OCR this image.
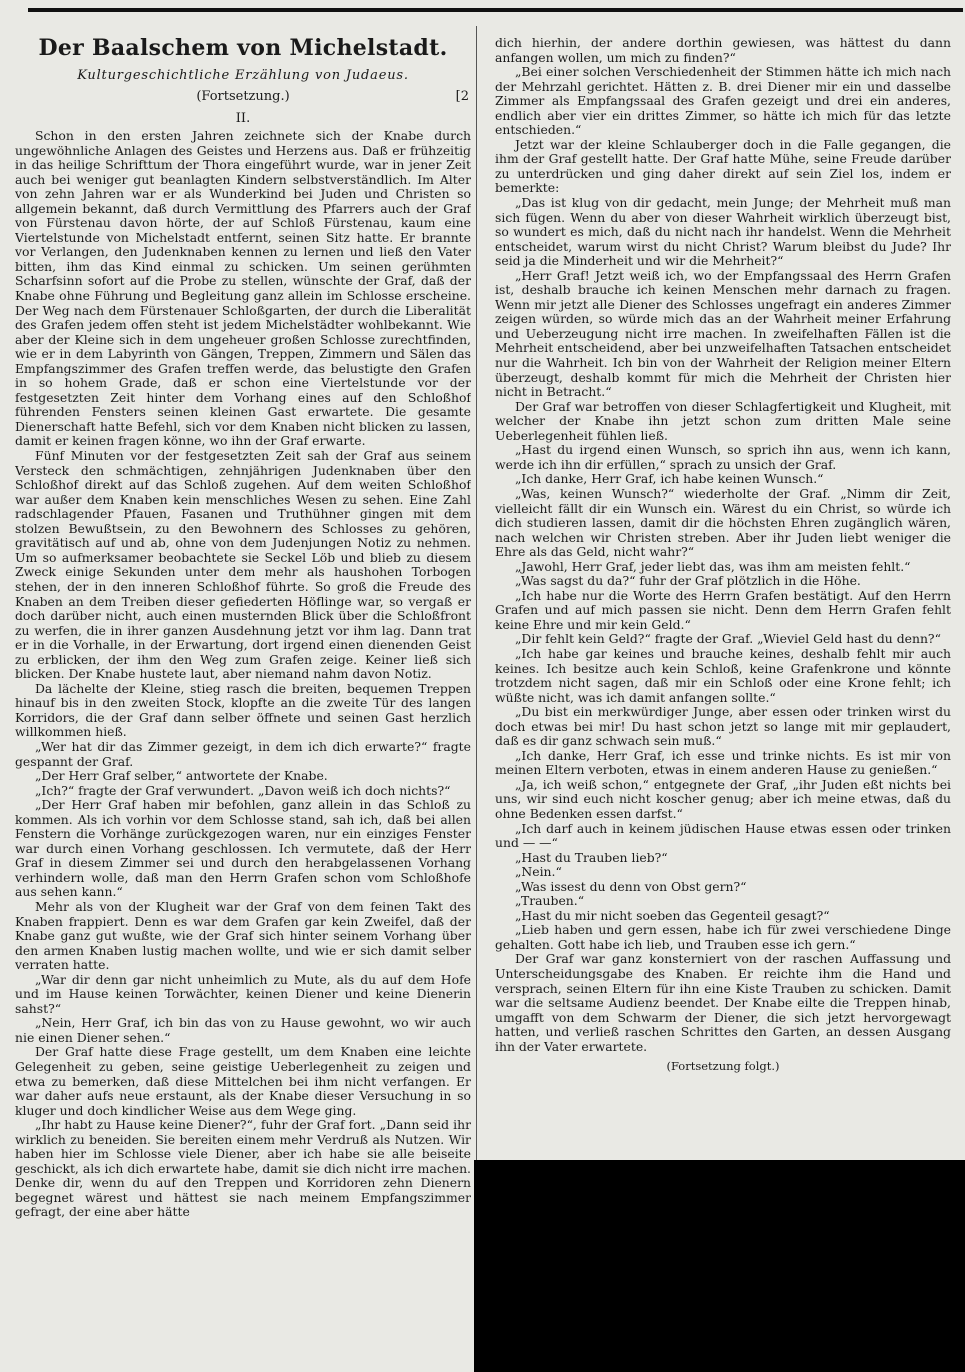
Der Baalschem von Michelstadt.
Kulturgeschichtliche Erzählung von Judaeus.
(Fortsetzung.)	[2
II.

Schon in den ersten Jahren zeichnete sich der Knabe durch ungewöhnliche Anlagen des Geistes und Herzens aus. Daß er frühzeitig in das heilige Schrifttum der Thora eingeführt wurde, war in jener Zeit auch bei weniger gut beanlagten Kindern selbstverständlich. Im Alter von zehn Jahren war er als Wunderkind bei Juden und Christen so allgemein bekannt, daß durch Vermittlung des Pfarrers auch der Graf von Fürstenau davon hörte, der auf Schloß Fürstenau, kaum eine Viertelstunde von Michelstadt entfernt, seinen Sitz hatte. Er brannte vor Verlangen, den Judenknaben kennen zu lernen und ließ den Vater bitten, ihm das Kind einmal zu schicken. Um seinen gerühmten Scharfsinn sofort auf die Probe zu stellen, wünschte der Graf, daß der Knabe ohne Führung und Begleitung ganz allein im Schlosse erscheine. Der Weg nach dem Fürstenauer Schloßgarten, der durch die Liberalität des Grafen jedem offen steht ist jedem Michelstädter wohlbekannt. Wie aber der Kleine sich in dem ungeheuer großen Schlosse zurechtfinden, wie er in dem Labyrinth von Gängen, Treppen, Zimmern und Sälen das Empfangszimmer des Grafen treffen werde, das belustigte den Grafen in so hohem Grade, daß er schon eine Viertelstunde vor der festgesetzten Zeit hinter dem Vorhang eines auf den Schloßhof führenden Fensters seinen kleinen Gast erwartete. Die gesamte Dienerschaft hatte Befehl, sich vor dem Knaben nicht blicken zu lassen, damit er keinen fragen könne, wo ihn der Graf erwarte.

Fünf Minuten vor der festgesetzten Zeit sah der Graf aus seinem Versteck den schmächtigen, zehnjährigen Judenknaben über den Schloßhof direkt auf das Schloß zugehen. Auf dem weiten Schloßhof war außer dem Knaben kein menschliches Wesen zu sehen. Eine Zahl radschlagender Pfauen, Fasanen und Truthühner gingen mit dem stolzen Bewußtsein, zu den Bewohnern des Schlosses zu gehören, gravitätisch auf und ab, ohne von dem Judenjungen Notiz zu nehmen. Um so aufmerksamer beobachtete sie Seckel Löb und blieb zu diesem Zweck einige Sekunden unter dem mehr als haushohen Torbogen stehen, der in den inneren Schloßhof führte. So groß die Freude des Knaben an dem Treiben dieser gefiederten Höflinge war, so vergaß er doch darüber nicht, auch einen musternden Blick über die Schloßfront zu werfen, die in ihrer ganzen Ausdehnung jetzt vor ihm lag. Dann trat er in die Vorhalle, in der Erwartung, dort irgend einen dienenden Geist zu erblicken, der ihm den Weg zum Grafen zeige. Keiner ließ sich blicken. Der Knabe hustete laut, aber niemand nahm davon Notiz.

Da lächelte der Kleine, stieg rasch die breiten, bequemen Treppen hinauf bis in den zweiten Stock, klopfte an die zweite Tür des langen Korridors, die der Graf dann selber öffnete und seinen Gast herzlich willkommen hieß.

„Wer hat dir das Zimmer gezeigt, in dem ich dich erwarte?“ fragte gespannt der Graf.

„Der Herr Graf selber,“ antwortete der Knabe.

„Ich?“ fragte der Graf verwundert. „Davon weiß ich doch nichts?“

„Der Herr Graf haben mir befohlen, ganz allein in das Schloß zu kommen. Als ich vorhin vor dem Schlosse stand, sah ich, daß bei allen Fenstern die Vorhänge zurückgezogen waren, nur ein einziges Fenster war durch einen Vorhang geschlossen. Ich vermutete, daß der Herr Graf in diesem Zimmer sei und durch den herabgelassenen Vorhang verhindern wolle, daß man den Herrn Grafen schon vom Schloßhofe aus sehen kann.“

Mehr als von der Klugheit war der Graf von dem feinen Takt des Knaben frappiert. Denn es war dem Grafen gar kein Zweifel, daß der Knabe ganz gut wußte, wie der Graf sich hinter seinem Vorhang über den armen Knaben lustig machen wollte, und wie er sich damit selber verraten hatte.

„War dir denn gar nicht unheimlich zu Mute, als du auf dem Hofe und im Hause keinen Torwächter, keinen Diener und keine Dienerin sahst?“

„Nein, Herr Graf, ich bin das von zu Hause gewohnt, wo wir auch nie einen Diener sehen.“

Der Graf hatte diese Frage gestellt, um dem Knaben eine leichte Gelegenheit zu geben, seine geistige Ueberlegenheit zu zeigen und etwa zu bemerken, daß diese Mittelchen bei ihm nicht verfangen. Er war daher aufs neue erstaunt, als der Knabe dieser Versuchung in so kluger und doch kindlicher Weise aus dem Wege ging.

„Ihr habt zu Hause keine Diener?“, fuhr der Graf fort. „Dann seid ihr wirklich zu beneiden. Sie bereiten einem mehr Verdruß als Nutzen. Wir haben hier im Schlosse viele Diener, aber ich habe sie alle beiseite geschickt, als ich dich erwartete habe, damit sie dich nicht irre machen. Denke dir, wenn du auf den Treppen und Korridoren zehn Dienern begegnet wärest und hättest sie nach meinem Empfangszimmer gefragt, der eine aber hätte

dich hierhin, der andere dorthin gewiesen, was hättest du dann anfangen wollen, um mich zu finden?“

„Bei einer solchen Verschiedenheit der Stimmen hätte ich mich nach der Mehrzahl gerichtet. Hätten z. B. drei Diener mir ein und dasselbe Zimmer als Empfangssaal des Grafen gezeigt und drei ein anderes, endlich aber vier ein drittes Zimmer, so hätte ich mich für das letzte entschieden.“

Jetzt war der kleine Schlauberger doch in die Falle gegangen, die ihm der Graf gestellt hatte. Der Graf hatte Mühe, seine Freude darüber zu unterdrücken und ging daher direkt auf sein Ziel los, indem er bemerkte:

„Das ist klug von dir gedacht, mein Junge; der Mehrheit muß man sich fügen. Wenn du aber von dieser Wahrheit wirklich überzeugt bist, so wundert es mich, daß du nicht nach ihr handelst. Wenn die Mehrheit entscheidet, warum wirst du nicht Christ? Warum bleibst du Jude? Ihr seid ja die Minderheit und wir die Mehrheit?“

„Herr Graf! Jetzt weiß ich, wo der Empfangssaal des Herrn Grafen ist, deshalb brauche ich keinen Menschen mehr darnach zu fragen. Wenn mir jetzt alle Diener des Schlosses ungefragt ein anderes Zimmer zeigen würden, so würde mich das an der Wahrheit meiner Erfahrung und Ueberzeugung nicht irre machen. In zweifelhaften Fällen ist die Mehrheit entscheidend, aber bei unzweifelhaften Tatsachen entscheidet nur die Wahrheit. Ich bin von der Wahrheit der Religion meiner Eltern überzeugt, deshalb kommt für mich die Mehrheit der Christen hier nicht in Betracht.“

Der Graf war betroffen von dieser Schlagfertigkeit und Klugheit, mit welcher der Knabe ihn jetzt schon zum dritten Male seine Ueberlegenheit fühlen ließ.

„Hast du irgend einen Wunsch, so sprich ihn aus, wenn ich kann, werde ich ihn dir erfüllen,“ sprach zu unsich der Graf.

„Ich danke, Herr Graf, ich habe keinen Wunsch.“

„Was, keinen Wunsch?“ wiederholte der Graf. „Nimm dir Zeit, vielleicht fällt dir ein Wunsch ein. Wärest du ein Christ, so würde ich dich studieren lassen, damit dir die höchsten Ehren zugänglich wären, nach welchen wir Christen streben. Aber ihr Juden liebt weniger die Ehre als das Geld, nicht wahr?“

„Jawohl, Herr Graf, jeder liebt das, was ihm am meisten fehlt.“

„Was sagst du da?“ fuhr der Graf plötzlich in die Höhe.

„Ich habe nur die Worte des Herrn Grafen bestätigt. Auf den Herrn Grafen und auf mich passen sie nicht. Denn dem Herrn Grafen fehlt keine Ehre und mir kein Geld.“

„Dir fehlt kein Geld?“ fragte der Graf. „Wieviel Geld hast du denn?“

„Ich habe gar keines und brauche keines, deshalb fehlt mir auch keines. Ich besitze auch kein Schloß, keine Grafenkrone und könnte trotzdem nicht sagen, daß mir ein Schloß oder eine Krone fehlt; ich wüßte nicht, was ich damit anfangen sollte.“

„Du bist ein merkwürdiger Junge, aber essen oder trinken wirst du doch etwas bei mir! Du hast schon jetzt so lange mit mir geplaudert, daß es dir ganz schwach sein muß.“

„Ich danke, Herr Graf, ich esse und trinke nichts. Es ist mir von meinen Eltern verboten, etwas in einem anderen Hause zu genießen.“

„Ja, ich weiß schon,“ entgegnete der Graf, „ihr Juden eßt nichts bei uns, wir sind euch nicht koscher genug; aber ich meine etwas, daß du ohne Bedenken essen darfst.“

„Ich darf auch in keinem jüdischen Hause etwas essen oder trinken und — —“

„Hast du Trauben lieb?“

„Nein.“

„Was issest du denn von Obst gern?“

„Trauben.“

„Hast du mir nicht soeben das Gegenteil gesagt?“

„Lieb haben und gern essen, habe ich für zwei verschiedene Dinge gehalten. Gott habe ich lieb, und Trauben esse ich gern.“

Der Graf war ganz konsterniert von der raschen Auffassung und Unterscheidungsgabe des Knaben. Er reichte ihm die Hand und versprach, seinen Eltern für ihn eine Kiste Trauben zu schicken. Damit war die seltsame Audienz beendet. Der Knabe eilte die Treppen hinab, umgafft von dem Schwarm der Diener, die sich jetzt hervorgewagt hatten, und verließ raschen Schrittes den Garten, an dessen Ausgang ihn der Vater erwartete.

(Fortsetzung folgt.)
